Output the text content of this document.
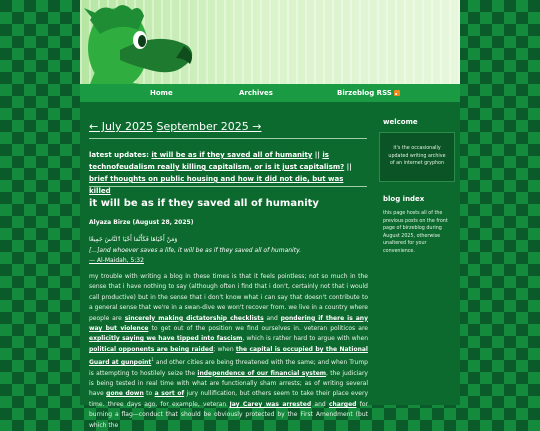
Home	Archives	Birzeblog RSS
← July 2025 September 2025 →
latest updates: it will be as if they saved all of humanity || is technofeudalism really killing capitalism, or is it just capitalism? || brief thoughts on public housing and how it did not die, but was killed
it will be as if they saved all of humanity
Alyaza Birze (August 28, 2025)
وَمَنْ أَحْيَاهَا فَكَأَنَّمَا أَحْيَا ٱلنَّاسَ جَمِيعًا
[...]and whoever saves a life, it will be as if they saved all of humanity.
— Al-Maidah, 5:32
my trouble with writing a blog in these times is that it feels pointless; not so much in the sense that i have nothing to say (although often i find that i don't, certainly not that i would call productive) but in the sense that i don't know what i can say that doesn't contribute to a general sense that we're in a swan-dive we won't recover from. we live in a country where people are sincerely making dictatorship checklists and pondering if there is any way but violence to get out of the position we find ourselves in. veteran politicos are explicitly saying we have tipped into fascism, which is rather hard to argue with when political opponents are being raided; when the capital is occupied by the National Guard at gunpoint$^1$ and other cities are being threatened with the same; and when Trump is attempting to hostilely seize the independence of our financial system, the judiciary is being tested in real time with what are functionally sham arrests; as of writing several have gone down to a sort of jury nullification, but others seem to take their place every time. three days ago, for example, veteran Jay Carey was arrested and charged for burning a flag—conduct that should be obviously protected by the First Amendment (but which the
welcome
it's the occasionally updated writing archive of an internet gryphon
blog index
this page hosts all of the previous posts on the front page of birzeblog during August 2025, otherwise unaltered for your convenience.
